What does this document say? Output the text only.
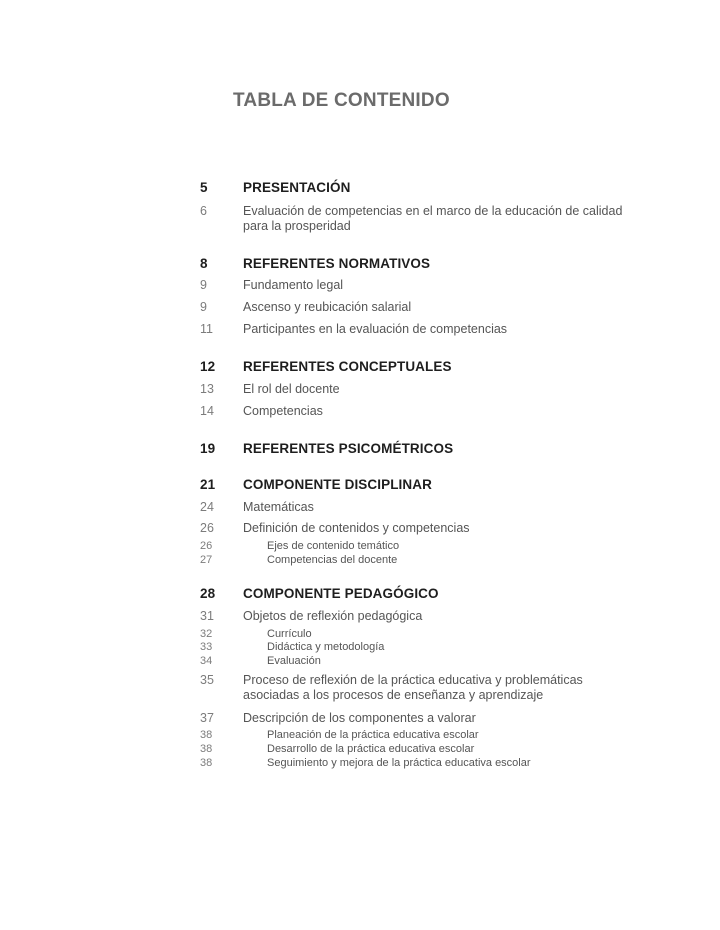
TABLA DE CONTENIDO
5	PRESENTACIÓN
6	Evaluación de competencias en el marco de la educación de calidad
para la prosperidad
8	REFERENTES NORMATIVOS
9	Fundamento legal
9	Ascenso y reubicación salarial
11 Participantes en la evaluación de competencias
12 REFERENTES CONCEPTUALES
13 El rol del docente
14 Competencias
19 REFERENTES PSICOMÉTRICOS
21 COMPONENTE DISCIPLINAR
24 Matemáticas
26 Definición de contenidos y competencias
26	Ejes de contenido temático
27	Competencias del docente
28 COMPONENTE PEDAGÓGICO
31 Objetos de reflexión pedagógica
32	Currículo
33	Didáctica y metodología
34	Evaluación
35 Proceso de reflexión de la práctica educativa y problemáticas
asociadas a los procesos de enseñanza y aprendizaje
37 Descripción de los componentes a valorar
38	Planeación de la práctica educativa escolar
38	Desarrollo de la práctica educativa escolar
38	Seguimiento y mejora de la práctica educativa escolar
